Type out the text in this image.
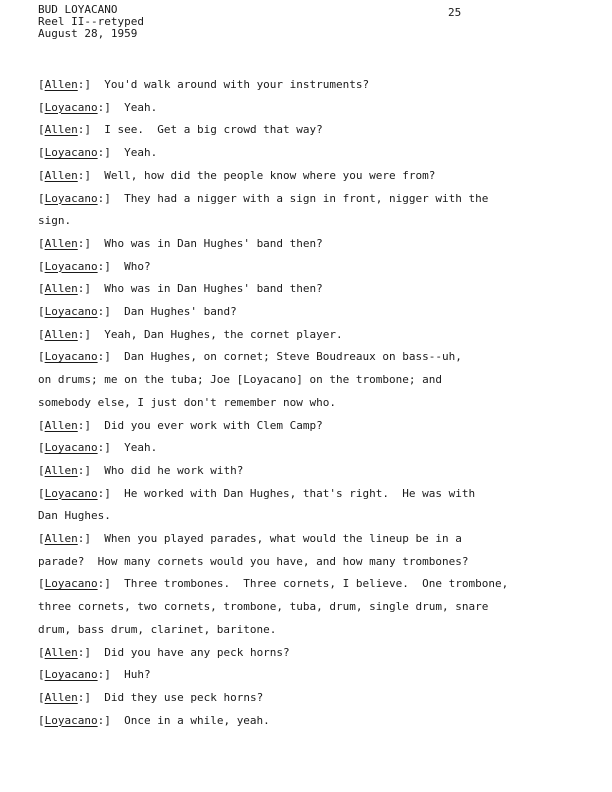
BUD LOYACANO
Reel II--retyped
August 28, 1959
25
[Allen:]  You'd walk around with your instruments?
[Loyacano:]  Yeah.
[Allen:]  I see.  Get a big crowd that way?
[Loyacano:]  Yeah.
[Allen:]  Well, how did the people know where you were from?
[Loyacano:]  They had a nigger with a sign in front, nigger with the
sign.
[Allen:]  Who was in Dan Hughes' band then?
[Loyacano:]  Who?
[Allen:]  Who was in Dan Hughes' band then?
[Loyacano:]  Dan Hughes' band?
[Allen:]  Yeah, Dan Hughes, the cornet player.
[Loyacano:]  Dan Hughes, on cornet; Steve Boudreaux on bass--uh,
on drums; me on the tuba; Joe [Loyacano] on the trombone; and
somebody else, I just don't remember now who.
[Allen:]  Did you ever work with Clem Camp?
[Loyacano:]  Yeah.
[Allen:]  Who did he work with?
[Loyacano:]  He worked with Dan Hughes, that's right.  He was with
Dan Hughes.
[Allen:]  When you played parades, what would the lineup be in a
parade?  How many cornets would you have, and how many trombones?
[Loyacano:]  Three trombones.  Three cornets, I believe.  One trombone,
three cornets, two cornets, trombone, tuba, drum, single drum, snare
drum, bass drum, clarinet, baritone.
[Allen:]  Did you have any peck horns?
[Loyacano:]  Huh?
[Allen:]  Did they use peck horns?
[Loyacano:]  Once in a while, yeah.
